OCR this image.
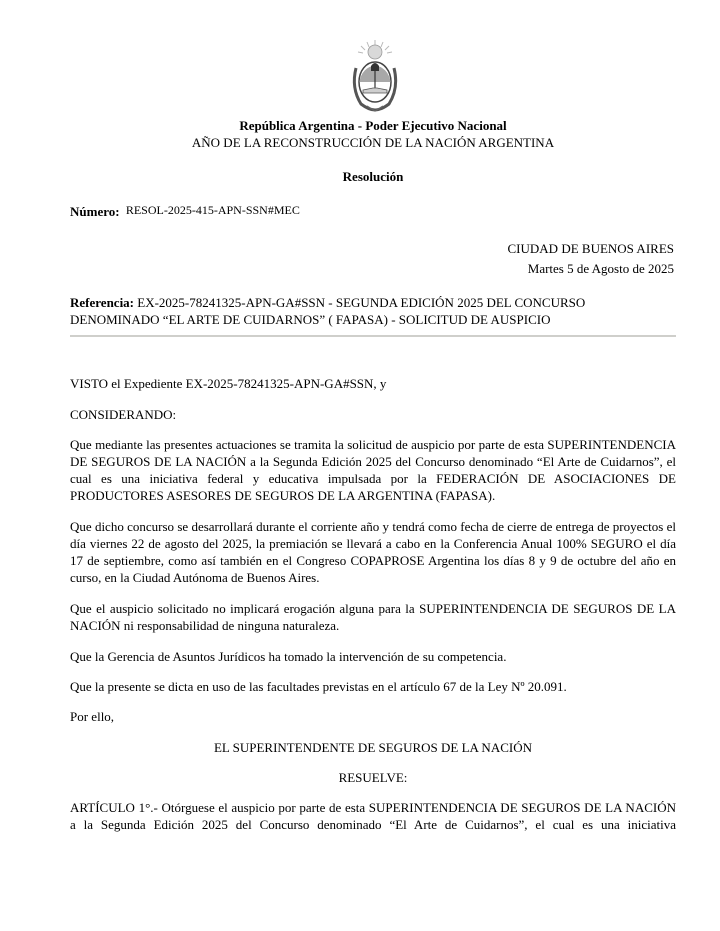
República Argentina - Poder Ejecutivo Nacional
AÑO DE LA RECONSTRUCCIÓN DE LA NACIÓN ARGENTINA
Resolución
Número: RESOL-2025-415-APN-SSN#MEC
CIUDAD DE BUENOS AIRES
Martes 5 de Agosto de 2025
Referencia: EX-2025-78241325-APN-GA#SSN - SEGUNDA EDICIÓN 2025 DEL CONCURSO DENOMINADO “EL ARTE DE CUIDARNOS” ( FAPASA) - SOLICITUD DE AUSPICIO
VISTO el Expediente EX-2025-78241325-APN-GA#SSN, y
CONSIDERANDO:
Que mediante las presentes actuaciones se tramita la solicitud de auspicio por parte de esta SUPERINTENDENCIA DE SEGUROS DE LA NACIÓN a la Segunda Edición 2025 del Concurso denominado “El Arte de Cuidarnos”, el cual es una iniciativa federal y educativa impulsada por la FEDERACIÓN DE ASOCIACIONES DE PRODUCTORES ASESORES DE SEGUROS DE LA ARGENTINA (FAPASA).
Que dicho concurso se desarrollará durante el corriente año y tendrá como fecha de cierre de entrega de proyectos el día viernes 22 de agosto del 2025, la premiación se llevará a cabo en la Conferencia Anual 100% SEGURO el día 17 de septiembre, como así también en el Congreso COPAPROSE Argentina los días 8 y 9 de octubre del año en curso, en la Ciudad Autónoma de Buenos Aires.
Que el auspicio solicitado no implicará erogación alguna para la SUPERINTENDENCIA DE SEGUROS DE LA NACIÓN ni responsabilidad de ninguna naturaleza.
Que la Gerencia de Asuntos Jurídicos ha tomado la intervención de su competencia.
Que la presente se dicta en uso de las facultades previstas en el artículo 67 de la Ley Nº 20.091.
Por ello,
EL SUPERINTENDENTE DE SEGUROS DE LA NACIÓN
RESUELVE:
ARTÍCULO 1°.- Otórguese el auspicio por parte de esta SUPERINTENDENCIA DE SEGUROS DE LA NACIÓN a la Segunda Edición 2025 del Concurso denominado “El Arte de Cuidarnos”, el cual es una iniciativa
